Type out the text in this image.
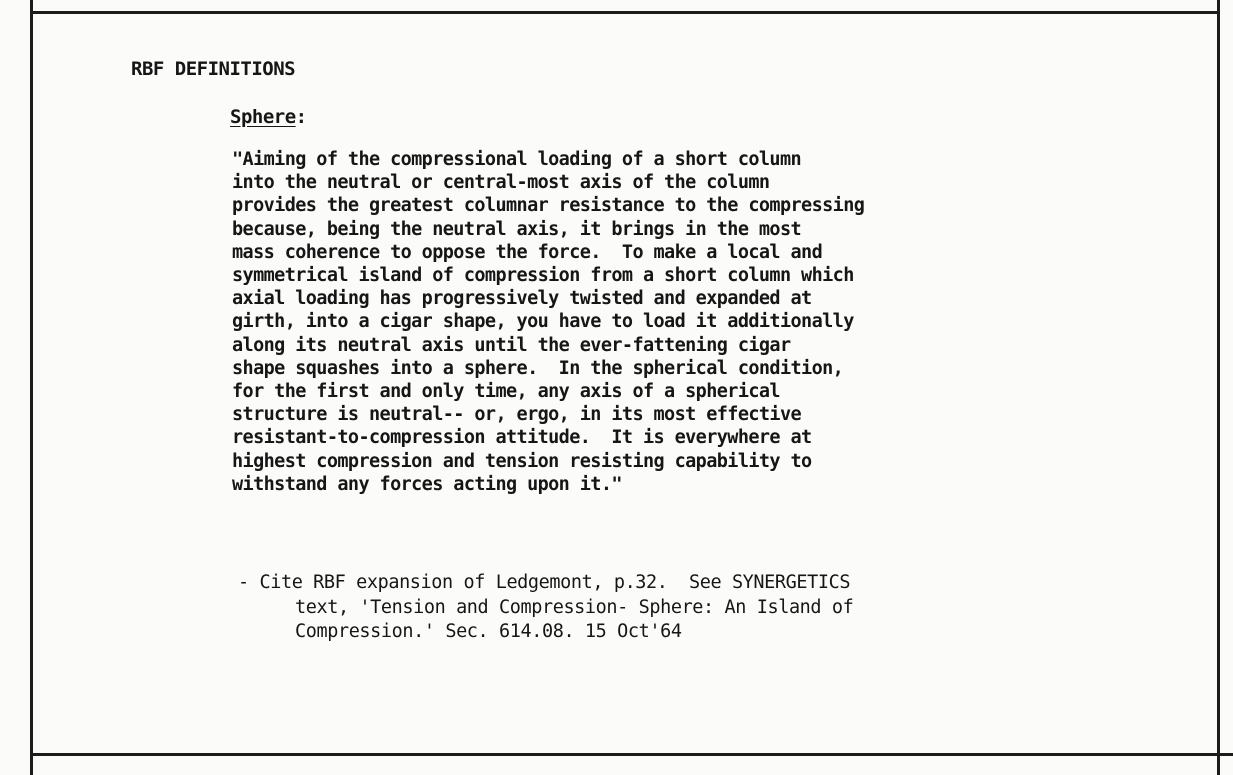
RBF DEFINITIONS
Sphere:
"Aiming of the compressional loading of a short column
into the neutral or central-most axis of the column
provides the greatest columnar resistance to the compressing
because, being the neutral axis, it brings in the most
mass coherence to oppose the force.  To make a local and
symmetrical island of compression from a short column which
axial loading has progressively twisted and expanded at
girth, into a cigar shape, you have to load it additionally
along its neutral axis until the ever-fattening cigar
shape squashes into a sphere.  In the spherical condition,
for the first and only time, any axis of a spherical
structure is neutral-- or, ergo, in its most effective
resistant-to-compression attitude.  It is everywhere at
highest compression and tension resisting capability to
withstand any forces acting upon it."
- Cite RBF expansion of Ledgemont, p.32.  See SYNERGETICS
text, 'Tension and Compression- Sphere: An Island of
Compression.' Sec. 614.08. 15 Oct'64
